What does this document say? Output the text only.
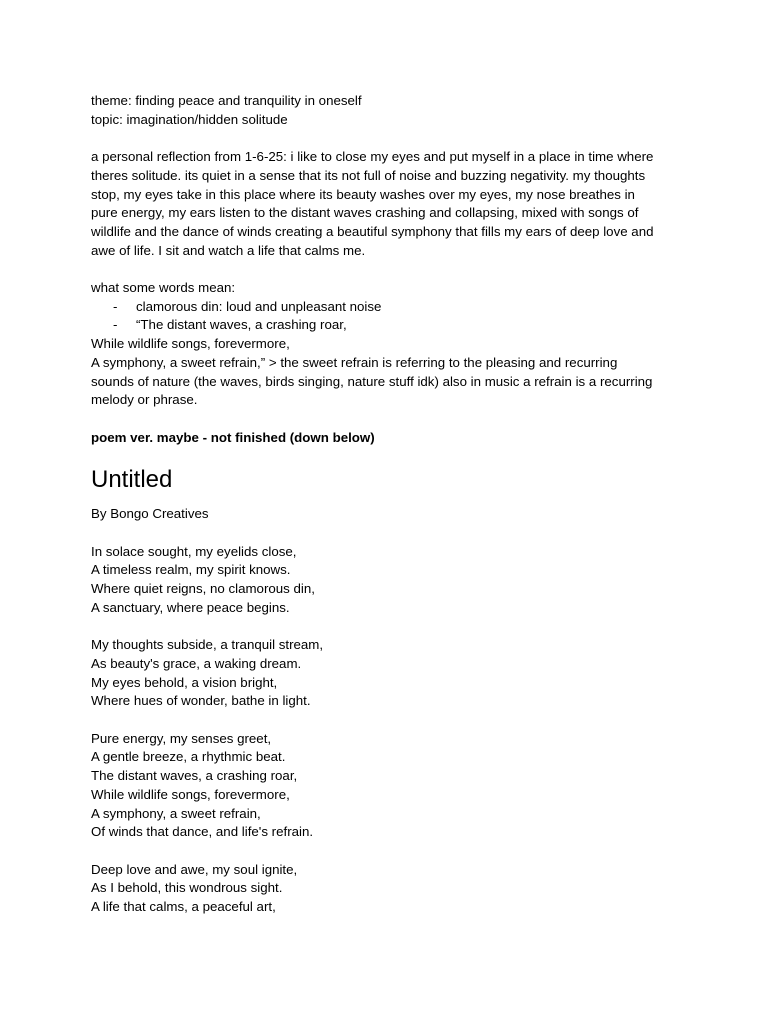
theme: finding peace and tranquility in oneself
topic: imagination/hidden solitude
a personal reflection from 1-6-25: i like to close my eyes and put myself in a place in time where
theres solitude. its quiet in a sense that its not full of noise and buzzing negativity. my thoughts
stop, my eyes take in this place where its beauty washes over my eyes, my nose breathes in
pure energy, my ears listen to the distant waves crashing and collapsing, mixed with songs of
wildlife and the dance of winds creating a beautiful symphony that fills my ears of deep love and
awe of life. I sit and watch a life that calms me.
what some words mean:
- clamorous din: loud and unpleasant noise
- “The distant waves, a crashing roar,
While wildlife songs, forevermore,
A symphony, a sweet refrain,” > the sweet refrain is referring to the pleasing and recurring
sounds of nature (the waves, birds singing, nature stuff idk) also in music a refrain is a recurring
melody or phrase.
poem ver. maybe - not finished (down below)
Untitled
By Bongo Creatives
In solace sought, my eyelids close,
A timeless realm, my spirit knows.
Where quiet reigns, no clamorous din,
A sanctuary, where peace begins.
My thoughts subside, a tranquil stream,
As beauty's grace, a waking dream.
My eyes behold, a vision bright,
Where hues of wonder, bathe in light.
Pure energy, my senses greet,
A gentle breeze, a rhythmic beat.
The distant waves, a crashing roar,
While wildlife songs, forevermore,
A symphony, a sweet refrain,
Of winds that dance, and life's refrain.
Deep love and awe, my soul ignite,
As I behold, this wondrous sight.
A life that calms, a peaceful art,
